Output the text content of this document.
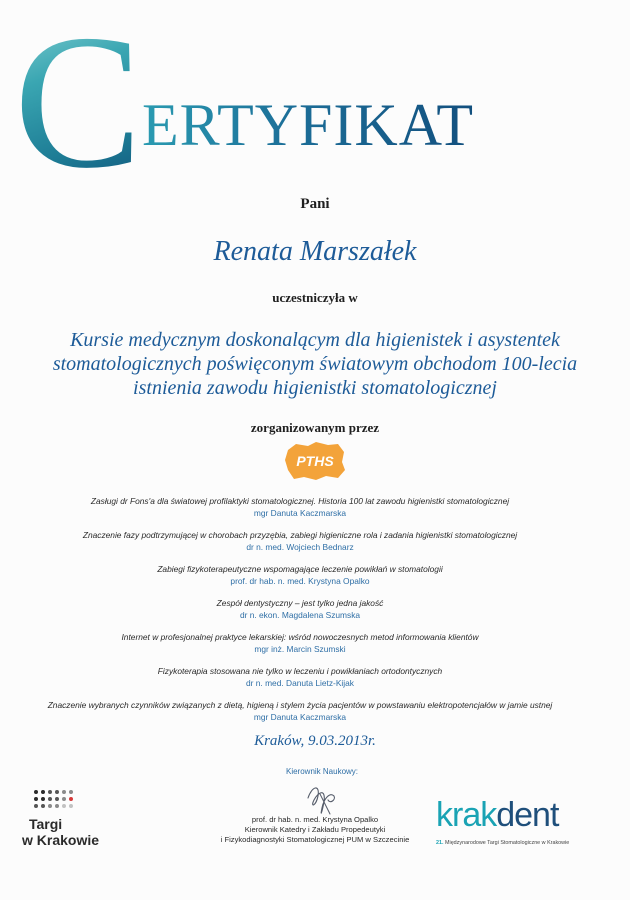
C ERTYFIKAT
Pani
Renata Marszałek
uczestniczyła w
Kursie medycznym doskonalącym dla higienistek i asystentek
stomatologicznych poświęconym światowym obchodom 100-lecia
istnienia zawodu higienistki stomatologicznej
zorganizowanym przez
PTHS
Zasługi dr Fons'a dla światowej profilaktyki stomatologicznej. Historia 100 lat zawodu higienistki stomatologicznej
mgr Danuta Kaczmarska
Znaczenie fazy podtrzymującej w chorobach przyzębia, zabiegi higieniczne rola i zadania higienistki stomatologicznej
dr n. med. Wojciech Bednarz
Zabiegi fizykoterapeutyczne wspomagające leczenie powikłań w stomatologii
prof. dr hab. n. med. Krystyna Opalko
Zespół dentystyczny – jest tylko jedna jakość
dr n. ekon. Magdalena Szumska
Internet w profesjonalnej praktyce lekarskiej: wśród nowoczesnych metod informowania klientów
mgr inż. Marcin Szumski
Fizykoterapia stosowana nie tylko w leczeniu i powikłaniach ortodontycznych
dr n. med. Danuta Lietz-Kijak
Znaczenie wybranych czynników związanych z dietą, higieną i stylem życia pacjentów w powstawaniu elektropotencjałów w jamie ustnej
mgr Danuta Kaczmarska
Kraków, 9.03.2013r.
Kierownik Naukowy:
prof. dr hab. n. med. Krystyna Opalko
Kierownik Katedry i Zakładu Propedeutyki
i Fizykodiagnostyki Stomatologicznej PUM w Szczecinie
Targi
w Krakowie
krakdent
21. Międzynarodowe Targi Stomatologiczne w Krakowie
